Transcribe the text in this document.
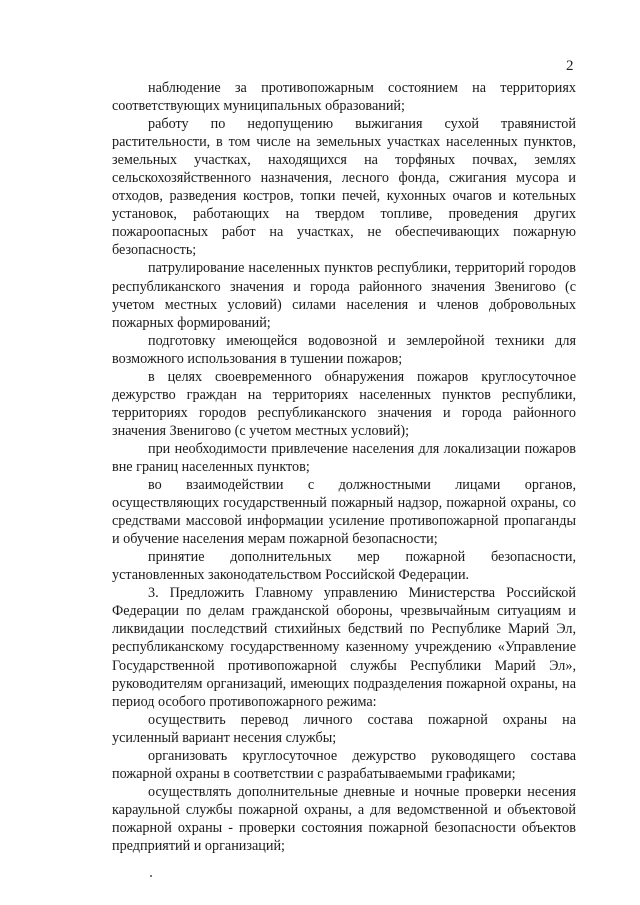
2

наблюдение за противопожарным состоянием на территориях соответствующих муниципальных образований;

работу по недопущению выжигания сухой травянистой растительности, в том числе на земельных участках населенных пунктов, земельных участках, находящихся на торфяных почвах, землях сельскохозяйственного назначения, лесного фонда, сжигания мусора и отходов, разведения костров, топки печей, кухонных очагов и котельных установок, работающих на твердом топливе, проведения других пожароопасных работ на участках, не обеспечивающих пожарную безопасность;

патрулирование населенных пунктов республики, территорий городов республиканского значения и города районного значения Звенигово (с учетом местных условий) силами населения и членов добровольных пожарных формирований;

подготовку имеющейся водовозной и землеройной техники для возможного использования в тушении пожаров;

в целях своевременного обнаружения пожаров круглосуточное дежурство граждан на территориях населенных пунктов республики, территориях городов республиканского значения и города районного значения Звенигово (с учетом местных условий);

при необходимости привлечение населения для локализации пожаров вне границ населенных пунктов;

во взаимодействии с должностными лицами органов, осуществляющих государственный пожарный надзор, пожарной охраны, со средствами массовой информации усиление противопожарной пропаганды и обучение населения мерам пожарной безопасности;

принятие дополнительных мер пожарной безопасности, установленных законодательством Российской Федерации.

3. Предложить Главному управлению Министерства Российской Федерации по делам гражданской обороны, чрезвычайным ситуациям и ликвидации последствий стихийных бедствий по Республике Марий Эл, республиканскому государственному казенному учреждению «Управление Государственной противопожарной службы Республики Марий Эл», руководителям организаций, имеющих подразделения пожарной охраны, на период особого противопожарного режима:

осуществить перевод личного состава пожарной охраны на усиленный вариант несения службы;

организовать круглосуточное дежурство руководящего состава пожарной охраны в соответствии с разрабатываемыми графиками;

осуществлять дополнительные дневные и ночные проверки несения караульной службы пожарной охраны, а для ведомственной и объектовой пожарной охраны - проверки состояния пожарной безопасности объектов предприятий и организаций;
